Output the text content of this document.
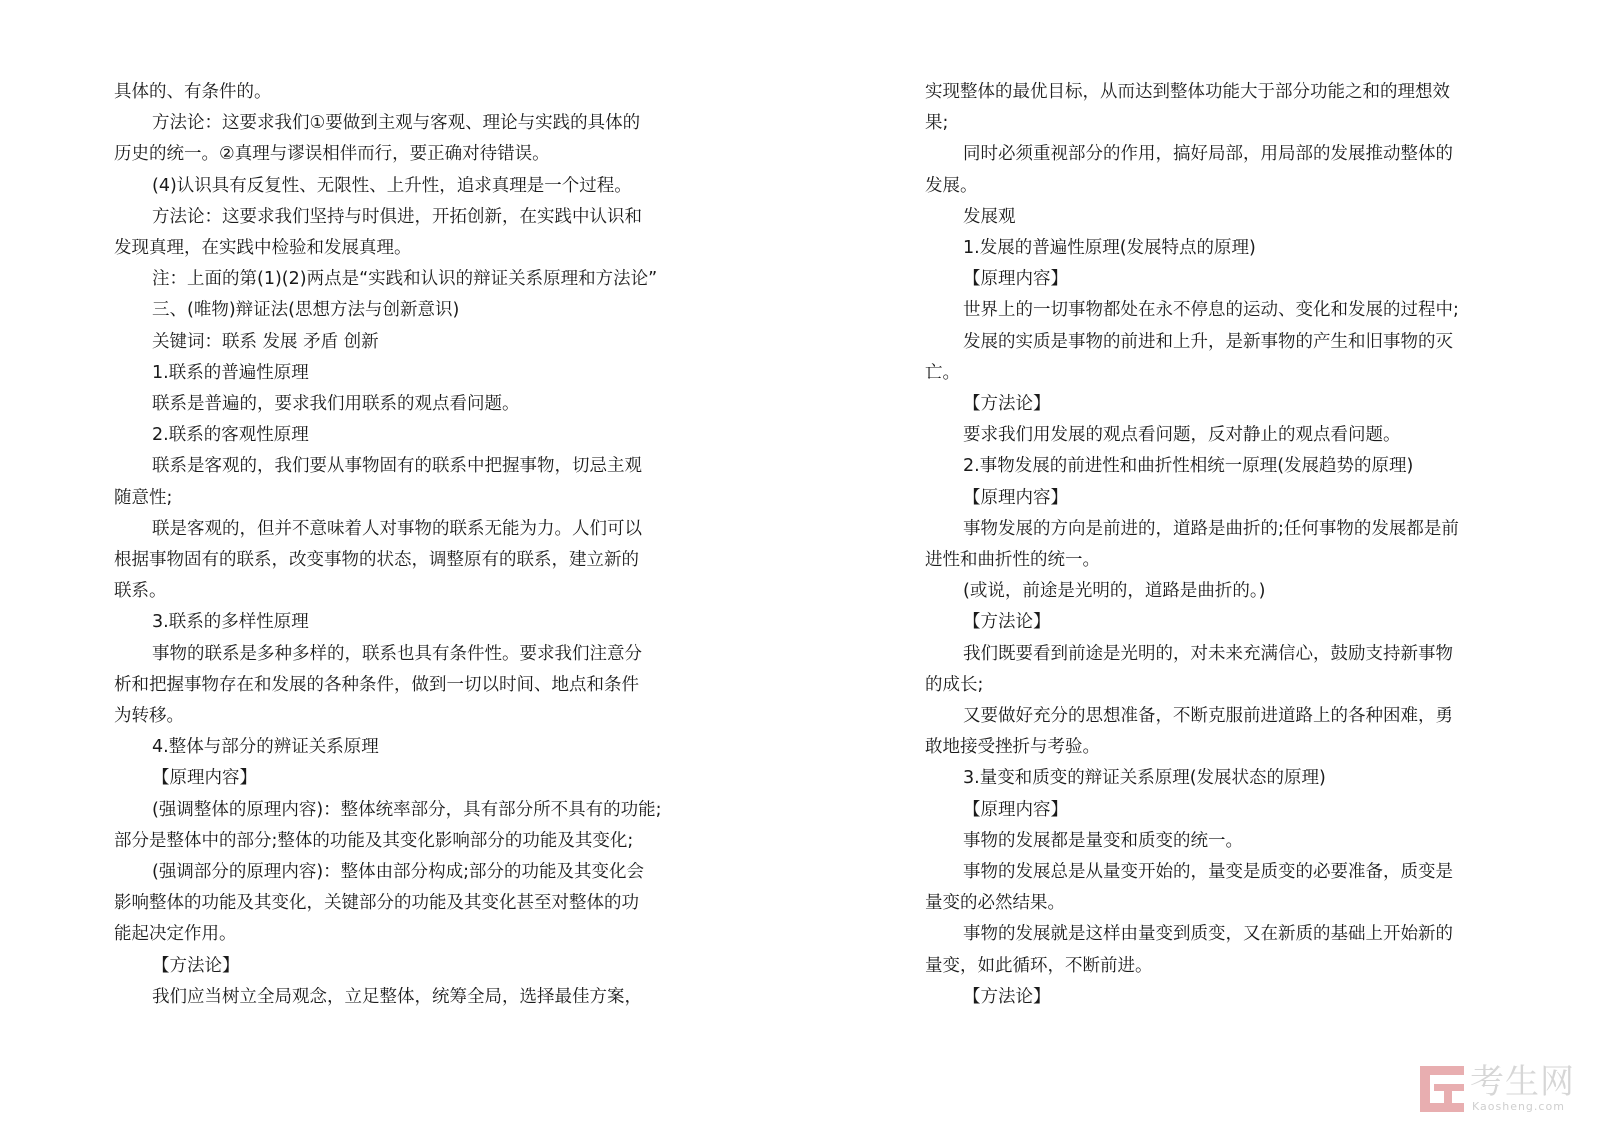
具体的、有条件的。

方法论：这要求我们①要做到主观与客观、理论与实践的具体的

历史的统一。②真理与谬误相伴而行，要正确对待错误。

(4)认识具有反复性、无限性、上升性，追求真理是一个过程。

方法论：这要求我们坚持与时俱进，开拓创新，在实践中认识和

发现真理，在实践中检验和发展真理。

注：上面的第(1)(2)两点是“实践和认识的辩证关系原理和方法论”

三、(唯物)辩证法(思想方法与创新意识)

关键词：联系 发展 矛盾 创新

1.联系的普遍性原理

联系是普遍的，要求我们用联系的观点看问题。

2.联系的客观性原理

联系是客观的，我们要从事物固有的联系中把握事物，切忌主观

随意性;

联是客观的，但并不意味着人对事物的联系无能为力。人们可以

根据事物固有的联系，改变事物的状态，调整原有的联系，建立新的

联系。

3.联系的多样性原理

事物的联系是多种多样的，联系也具有条件性。要求我们注意分

析和把握事物存在和发展的各种条件，做到一切以时间、地点和条件

为转移。

4.整体与部分的辨证关系原理

【原理内容】

(强调整体的原理内容)：整体统率部分，具有部分所不具有的功能;

部分是整体中的部分;整体的功能及其变化影响部分的功能及其变化;

(强调部分的原理内容)：整体由部分构成;部分的功能及其变化会

影响整体的功能及其变化，关键部分的功能及其变化甚至对整体的功

能起决定作用。

【方法论】

我们应当树立全局观念，立足整体，统筹全局，选择最佳方案，

实现整体的最优目标，从而达到整体功能大于部分功能之和的理想效

果;

同时必须重视部分的作用，搞好局部，用局部的发展推动整体的

发展。

发展观

1.发展的普遍性原理(发展特点的原理)

【原理内容】

世界上的一切事物都处在永不停息的运动、变化和发展的过程中;

发展的实质是事物的前进和上升，是新事物的产生和旧事物的灭

亡。

【方法论】

要求我们用发展的观点看问题，反对静止的观点看问题。

2.事物发展的前进性和曲折性相统一原理(发展趋势的原理)

【原理内容】

事物发展的方向是前进的，道路是曲折的;任何事物的发展都是前

进性和曲折性的统一。

(或说，前途是光明的，道路是曲折的。)

【方法论】

我们既要看到前途是光明的，对未来充满信心，鼓励支持新事物

的成长;

又要做好充分的思想准备，不断克服前进道路上的各种困难，勇

敢地接受挫折与考验。

3.量变和质变的辩证关系原理(发展状态的原理)

【原理内容】

事物的发展都是量变和质变的统一。

事物的发展总是从量变开始的，量变是质变的必要准备，质变是

量变的必然结果。

事物的发展就是这样由量变到质变，又在新质的基础上开始新的

量变，如此循环，不断前进。

【方法论】

考生网
Kaosheng.com
